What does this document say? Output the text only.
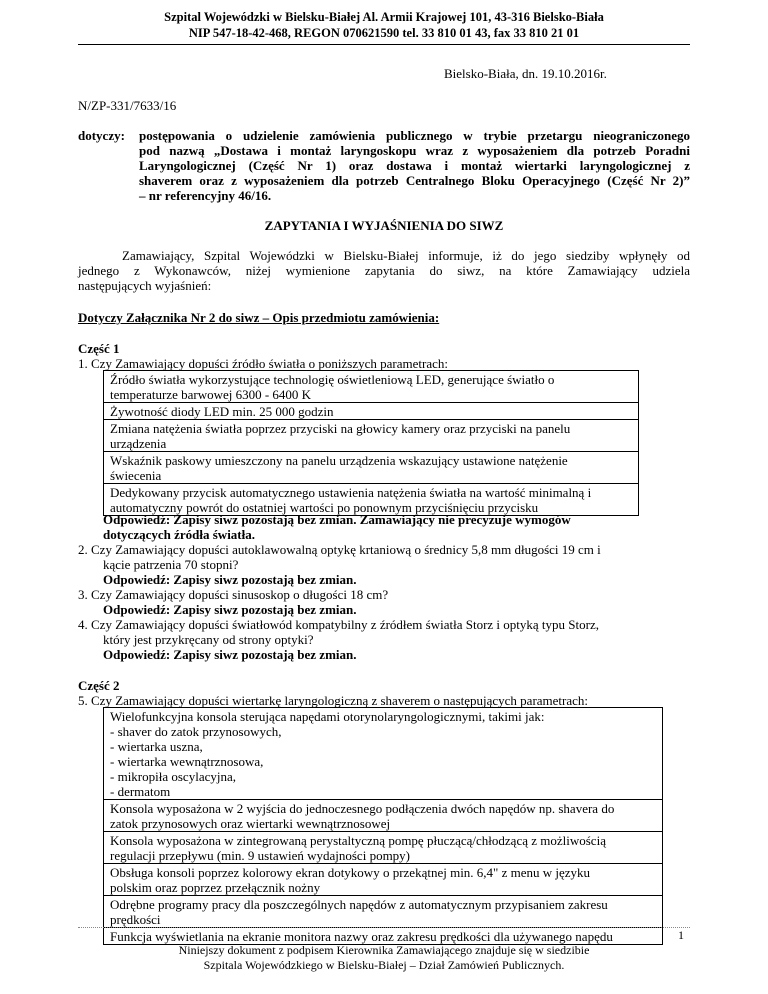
Szpital Wojewódzki w Bielsku-Białej Al. Armii Krajowej 101, 43-316 Bielsko-Biała
NIP 547-18-42-468, REGON 070621590 tel. 33 810 01 43, fax 33 810 21 01
Bielsko-Biała, dn. 19.10.2016r.
N/ZP-331/7633/16
dotyczy: postępowania o udzielenie zamówienia publicznego w trybie przetargu nieograniczonego
pod nazwą „Dostawa i montaż laryngoskopu wraz z wyposażeniem dla potrzeb Poradni
Laryngologicznej (Część Nr 1) oraz dostawa i montaż wiertarki laryngologicznej z
shaverem oraz z wyposażeniem dla potrzeb Centralnego Bloku Operacyjnego (Część Nr 2)”
– nr referencyjny 46/16.
ZAPYTANIA I WYJAŚNIENIA DO SIWZ
Zamawiający, Szpital Wojewódzki w Bielsku-Białej informuje, iż do jego siedziby wpłynęły od
jednego z Wykonawców, niżej wymienione zapytania do siwz, na które Zamawiający udziela
następujących wyjaśnień:
Dotyczy Załącznika Nr 2 do siwz – Opis przedmiotu zamówienia:
Część 1
1. Czy Zamawiający dopuści źródło światła o poniższych parametrach:
Źródło światła wykorzystujące technologię oświetleniową LED, generujące światło o
temperaturze barwowej 6300 - 6400 K
Żywotność diody LED min. 25 000 godzin
Zmiana natężenia światła poprzez przyciski na głowicy kamery oraz przyciski na panelu
urządzenia
Wskaźnik paskowy umieszczony na panelu urządzenia wskazujący ustawione natężenie
świecenia
Dedykowany przycisk automatycznego ustawienia natężenia światła na wartość minimalną i
automatyczny powrót do ostatniej wartości po ponownym przyciśnięciu przycisku
Odpowiedź: Zapisy siwz pozostają bez zmian. Zamawiający nie precyzuje wymogów
dotyczących źródła światła.
2. Czy Zamawiający dopuści autoklawowalną optykę krtaniową o średnicy 5,8 mm długości 19 cm i
kącie patrzenia 70 stopni?
Odpowiedź: Zapisy siwz pozostają bez zmian.
3. Czy Zamawiający dopuści sinusoskop o długości 18 cm?
Odpowiedź: Zapisy siwz pozostają bez zmian.
4. Czy Zamawiający dopuści światłowód kompatybilny z źródłem światła Storz i optyką typu Storz,
który jest przykręcany od strony optyki?
Odpowiedź: Zapisy siwz pozostają bez zmian.
Część 2
5. Czy Zamawiający dopuści wiertarkę laryngologiczną z shaverem o następujących parametrach:
Wielofunkcyjna konsola sterująca napędami otorynolaryngologicznymi, takimi jak:
- shaver do zatok przynosowych,
- wiertarka uszna,
- wiertarka wewnątrznosowa,
- mikropiła oscylacyjna,
- dermatom
Konsola wyposażona w 2 wyjścia do jednoczesnego podłączenia dwóch napędów np. shavera do
zatok przynosowych oraz wiertarki wewnątrznosowej
Konsola wyposażona w zintegrowaną perystaltyczną pompę płuczącą/chłodzącą z możliwością
regulacji przepływu (min. 9 ustawień wydajności pompy)
Obsługa konsoli poprzez kolorowy ekran dotykowy o przekątnej min. 6,4" z menu w języku
polskim oraz poprzez przełącznik nożny
Odrębne programy pracy dla poszczególnych napędów z automatycznym przypisaniem zakresu
prędkości
Funkcja wyświetlania na ekranie monitora nazwy oraz zakresu prędkości dla używanego napędu	1
Niniejszy dokument z podpisem Kierownika Zamawiającego znajduje się w siedzibie
Szpitala Wojewódzkiego w Bielsku-Białej – Dział Zamówień Publicznych.
